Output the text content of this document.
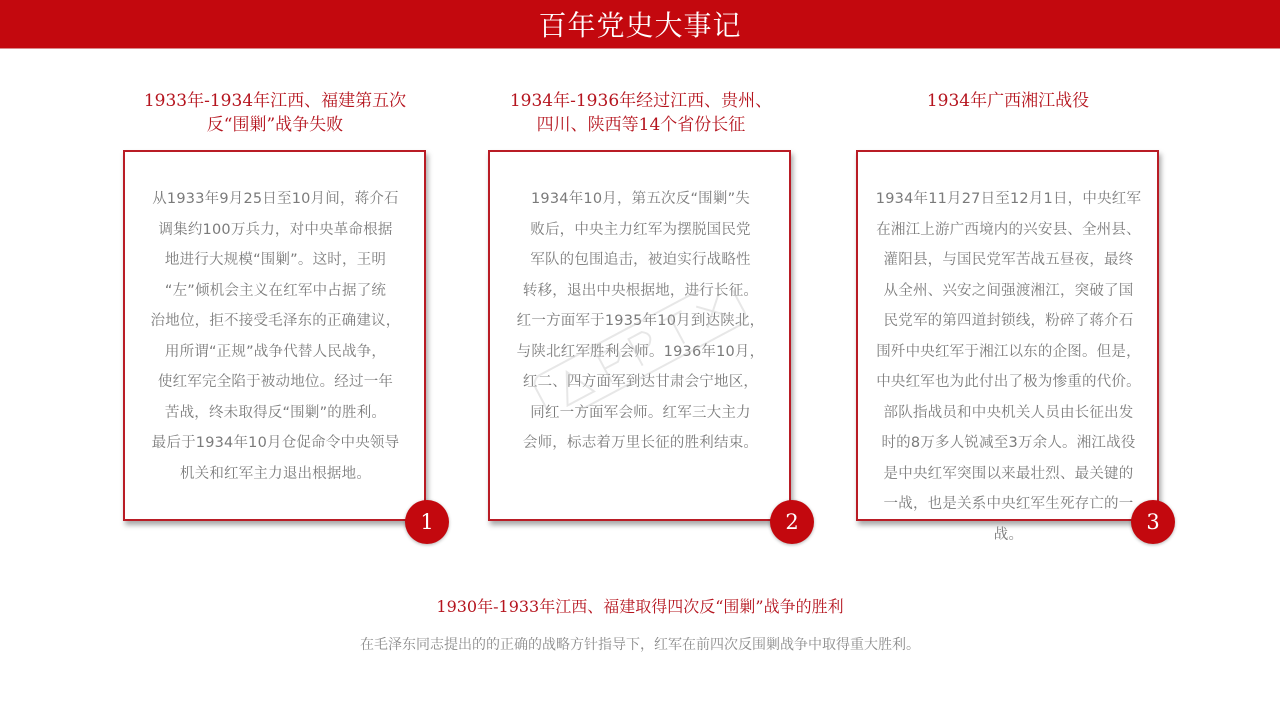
百年党史大事记
1933年-1934年江西、福建第五次
反“围剿”战争失败
从1933年9月25日至10月间，蒋介石
调集约100万兵力，对中央革命根据
地进行大规模“围剿”。这时，王明
“左”倾机会主义在红军中占据了统
治地位，拒不接受毛泽东的正确建议，
用所谓“正规”战争代替人民战争，
使红军完全陷于被动地位。经过一年
苦战，终未取得反“围剿”的胜利。
最后于1934年10月仓促命令中央领导
机关和红军主力退出根据地。
1
1934年-1936年经过江西、贵州、
四川、陕西等14个省份长征
1934年10月，第五次反“围剿”失
败后，中央主力红军为摆脱国民党
军队的包围追击，被迫实行战略性
转移，退出中央根据地，进行长征。
红一方面军于1935年10月到达陕北，
与陕北红军胜利会师。1936年10月，
红二、四方面军到达甘肃会宁地区，
同红一方面军会师。红军三大主力
会师，标志着万里长征的胜利结束。
2
1934年广西湘江战役
1934年11月27日至12月1日，中央红军
在湘江上游广西境内的兴安县、全州县、
灌阳县，与国民党军苦战五昼夜，最终
从全州、兴安之间强渡湘江，突破了国
民党军的第四道封锁线，粉碎了蒋介石
围歼中央红军于湘江以东的企图。但是，
中央红军也为此付出了极为惨重的代价。
部队指战员和中央机关人员由长征出发
时的8万多人锐减至3万余人。湘江战役
是中央红军突围以来最壮烈、最关键的
一战，也是关系中央红军生死存亡的一
战。
3
1930年-1933年江西、福建取得四次反“围剿”战争的胜利
在毛泽东同志提出的的正确的战略方针指导下，红军在前四次反围剿战争中取得重大胜利。
